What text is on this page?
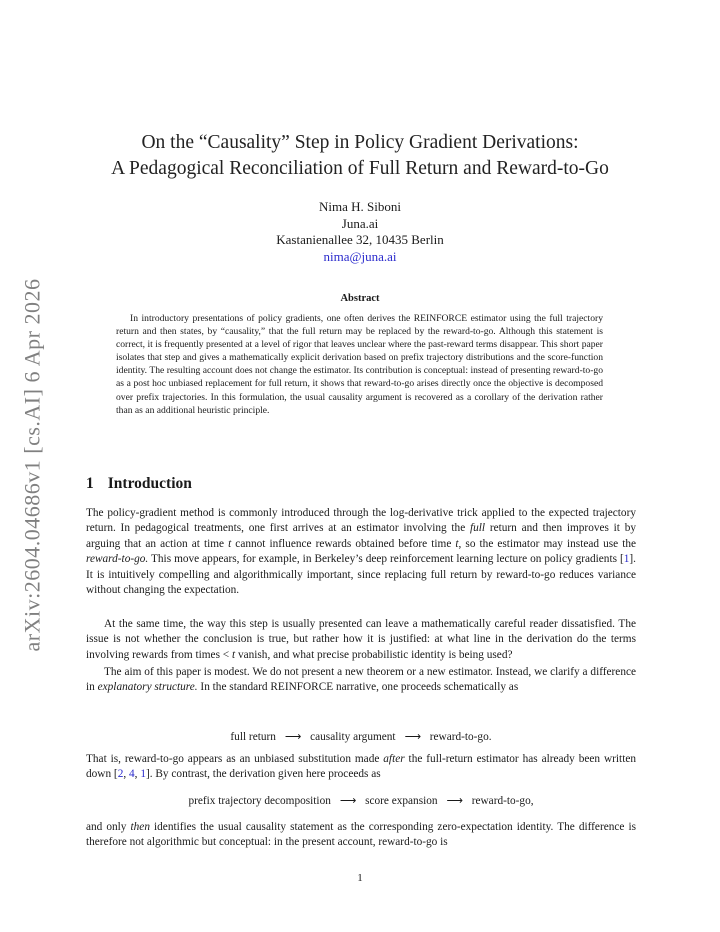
arXiv:2604.04686v1 [cs.AI] 6 Apr 2026
On the “Causality” Step in Policy Gradient Derivations:
A Pedagogical Reconciliation of Full Return and Reward-to-Go
Nima H. Siboni
Juna.ai
Kastanienallee 32, 10435 Berlin
nima@juna.ai
Abstract

In introductory presentations of policy gradients, one often derives the REINFORCE estimator using the full trajectory return and then states, by “causality,” that the full return may be replaced by the reward-to-go. Although this statement is correct, it is frequently presented at a level of rigor that leaves unclear where the past-reward terms disappear. This short paper isolates that step and gives a mathematically explicit derivation based on prefix trajectory distributions and the score-function identity. The resulting account does not change the estimator. Its contribution is conceptual: instead of presenting reward-to-go as a post hoc unbiased replacement for full return, it shows that reward-to-go arises directly once the objective is decomposed over prefix trajectories. In this formulation, the usual causality argument is recovered as a corollary of the derivation rather than as an additional heuristic principle.

1 Introduction

The policy-gradient method is commonly introduced through the log-derivative trick applied to the expected trajectory return. In pedagogical treatments, one first arrives at an estimator involving the full return and then improves it by arguing that an action at time t cannot influence rewards obtained before time t, so the estimator may instead use the reward-to-go. This move appears, for example, in Berkeley’s deep reinforcement learning lecture on policy gradients [1]. It is intuitively compelling and algorithmically important, since replacing full return by reward-to-go reduces variance without changing the expectation.

At the same time, the way this step is usually presented can leave a mathematically careful reader dissatisfied. The issue is not whether the conclusion is true, but rather how it is justified: at what line in the derivation do the terms involving rewards from times < t vanish, and what precise probabilistic identity is being used?

The aim of this paper is modest. We do not present a new theorem or a new estimator. Instead, we clarify a difference in explanatory structure. In the standard REINFORCE narrative, one proceeds schematically as

full return ⟶ causality argument ⟶ reward-to-go.

That is, reward-to-go appears as an unbiased substitution made after the full-return estimator has already been written down [2, 4, 1]. By contrast, the derivation given here proceeds as

prefix trajectory decomposition ⟶ score expansion ⟶ reward-to-go,

and only then identifies the usual causality statement as the corresponding zero-expectation identity. The difference is therefore not algorithmic but conceptual: in the present account, reward-to-go is

1
